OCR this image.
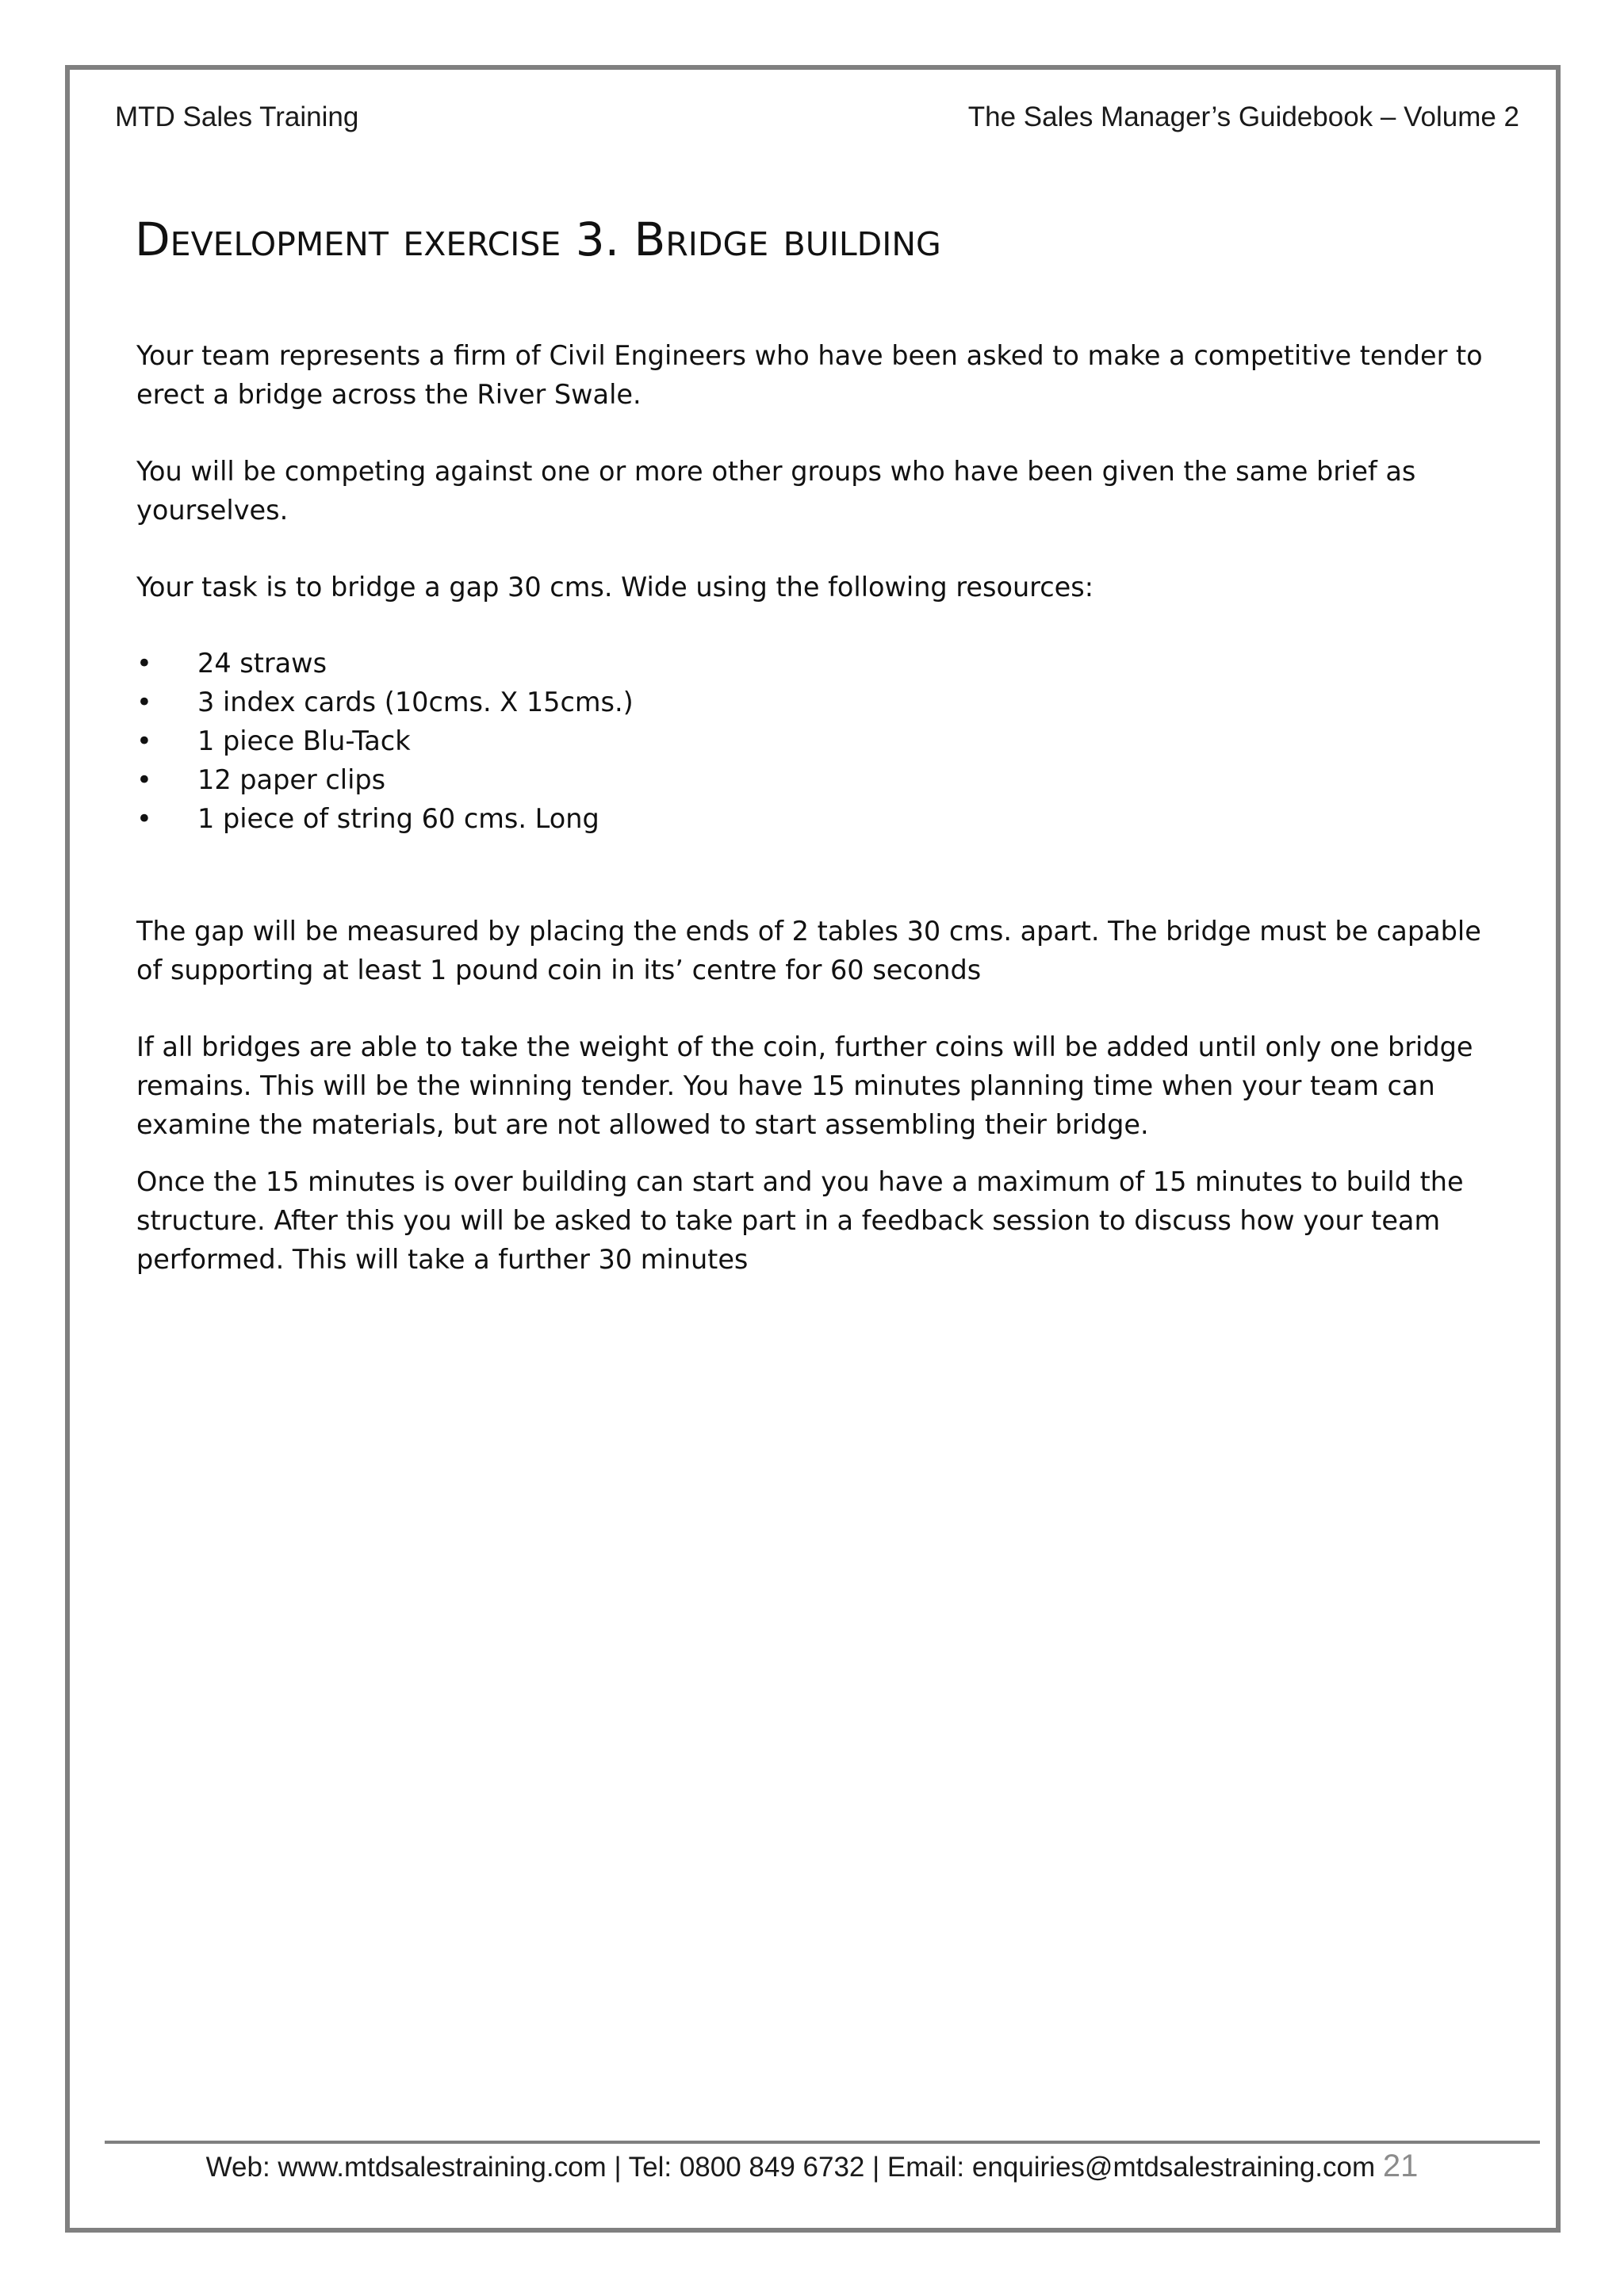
MTD Sales Training	The Sales Manager’s Guidebook – Volume 2
Development exercise 3. Bridge building
Your team represents a firm of Civil Engineers who have been asked to make a competitive tender to erect a bridge across the River Swale.
You will be competing against one or more other groups who have been given the same brief as yourselves.
Your task is to bridge a gap 30 cms. Wide using the following resources:
• 24 straws
• 3 index cards (10cms. X 15cms.)
• 1 piece Blu-Tack
• 12 paper clips
• 1 piece of string 60 cms. Long
The gap will be measured by placing the ends of 2 tables 30 cms. apart. The bridge must be capable of supporting at least 1 pound coin in its’ centre for 60 seconds
If all bridges are able to take the weight of the coin, further coins will be added until only one bridge remains. This will be the winning tender. You have 15 minutes planning time when your team can examine the materials, but are not allowed to start assembling their bridge.
Once the 15 minutes is over building can start and you have a maximum of 15 minutes to build the structure. After this you will be asked to take part in a feedback session to discuss how your team performed. This will take a further 30 minutes
Web: www.mtdsalestraining.com | Tel: 0800 849 6732 | Email: enquiries@mtdsalestraining.com 21
